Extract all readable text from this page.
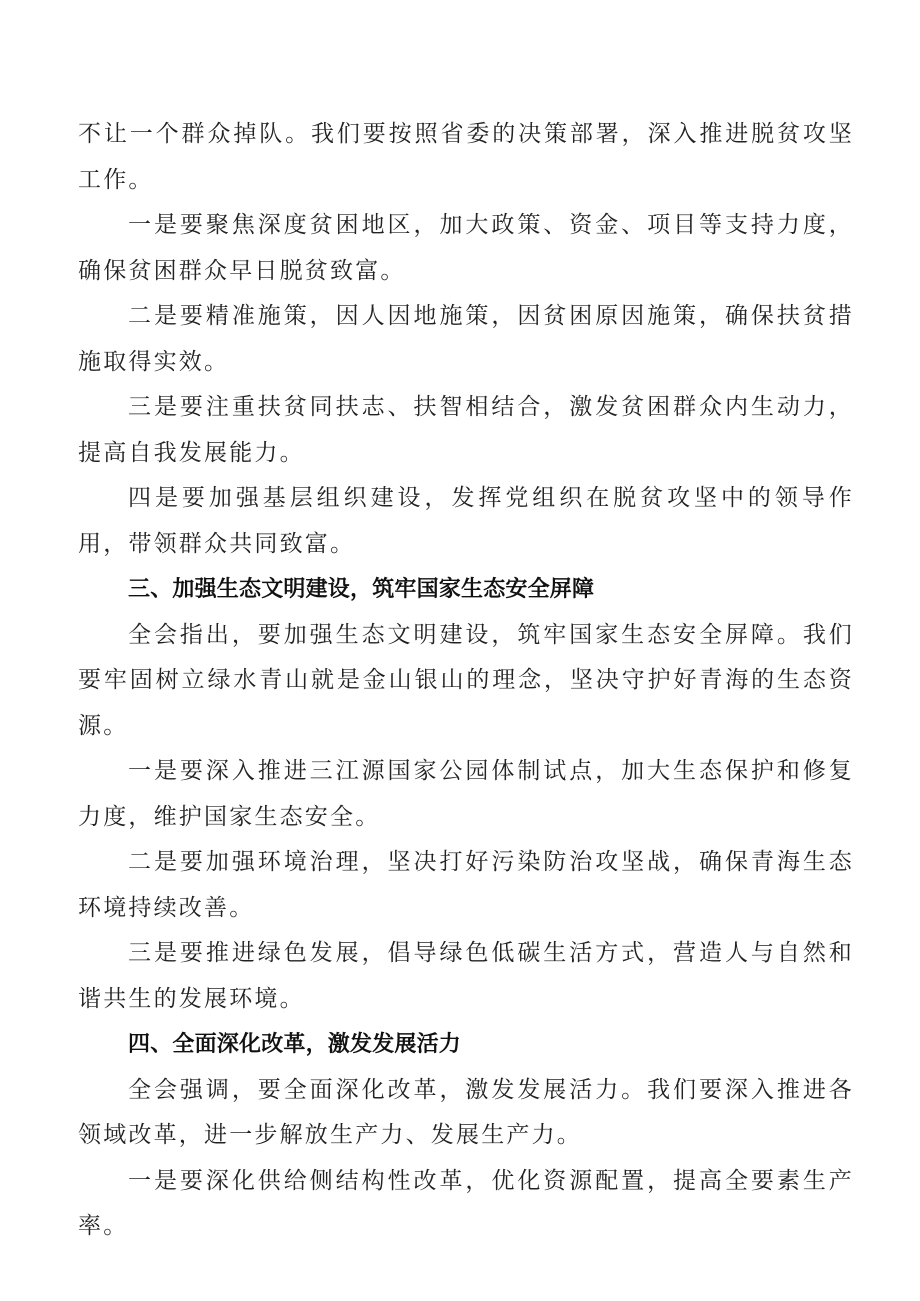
不让一个群众掉队。我们要按照省委的决策部署，深入推进脱贫攻坚工作。

一是要聚焦深度贫困地区，加大政策、资金、项目等支持力度，确保贫困群众早日脱贫致富。

二是要精准施策，因人因地施策，因贫困原因施策，确保扶贫措施取得实效。

三是要注重扶贫同扶志、扶智相结合，激发贫困群众内生动力，提高自我发展能力。

四是要加强基层组织建设，发挥党组织在脱贫攻坚中的领导作用，带领群众共同致富。

三、加强生态文明建设，筑牢国家生态安全屏障

全会指出，要加强生态文明建设，筑牢国家生态安全屏障。我们要牢固树立绿水青山就是金山银山的理念，坚决守护好青海的生态资源。

一是要深入推进三江源国家公园体制试点，加大生态保护和修复力度，维护国家生态安全。

二是要加强环境治理，坚决打好污染防治攻坚战，确保青海生态环境持续改善。

三是要推进绿色发展，倡导绿色低碳生活方式，营造人与自然和谐共生的发展环境。

四、全面深化改革，激发发展活力

全会强调，要全面深化改革，激发发展活力。我们要深入推进各领域改革，进一步解放生产力、发展生产力。

一是要深化供给侧结构性改革，优化资源配置，提高全要素生产率。
